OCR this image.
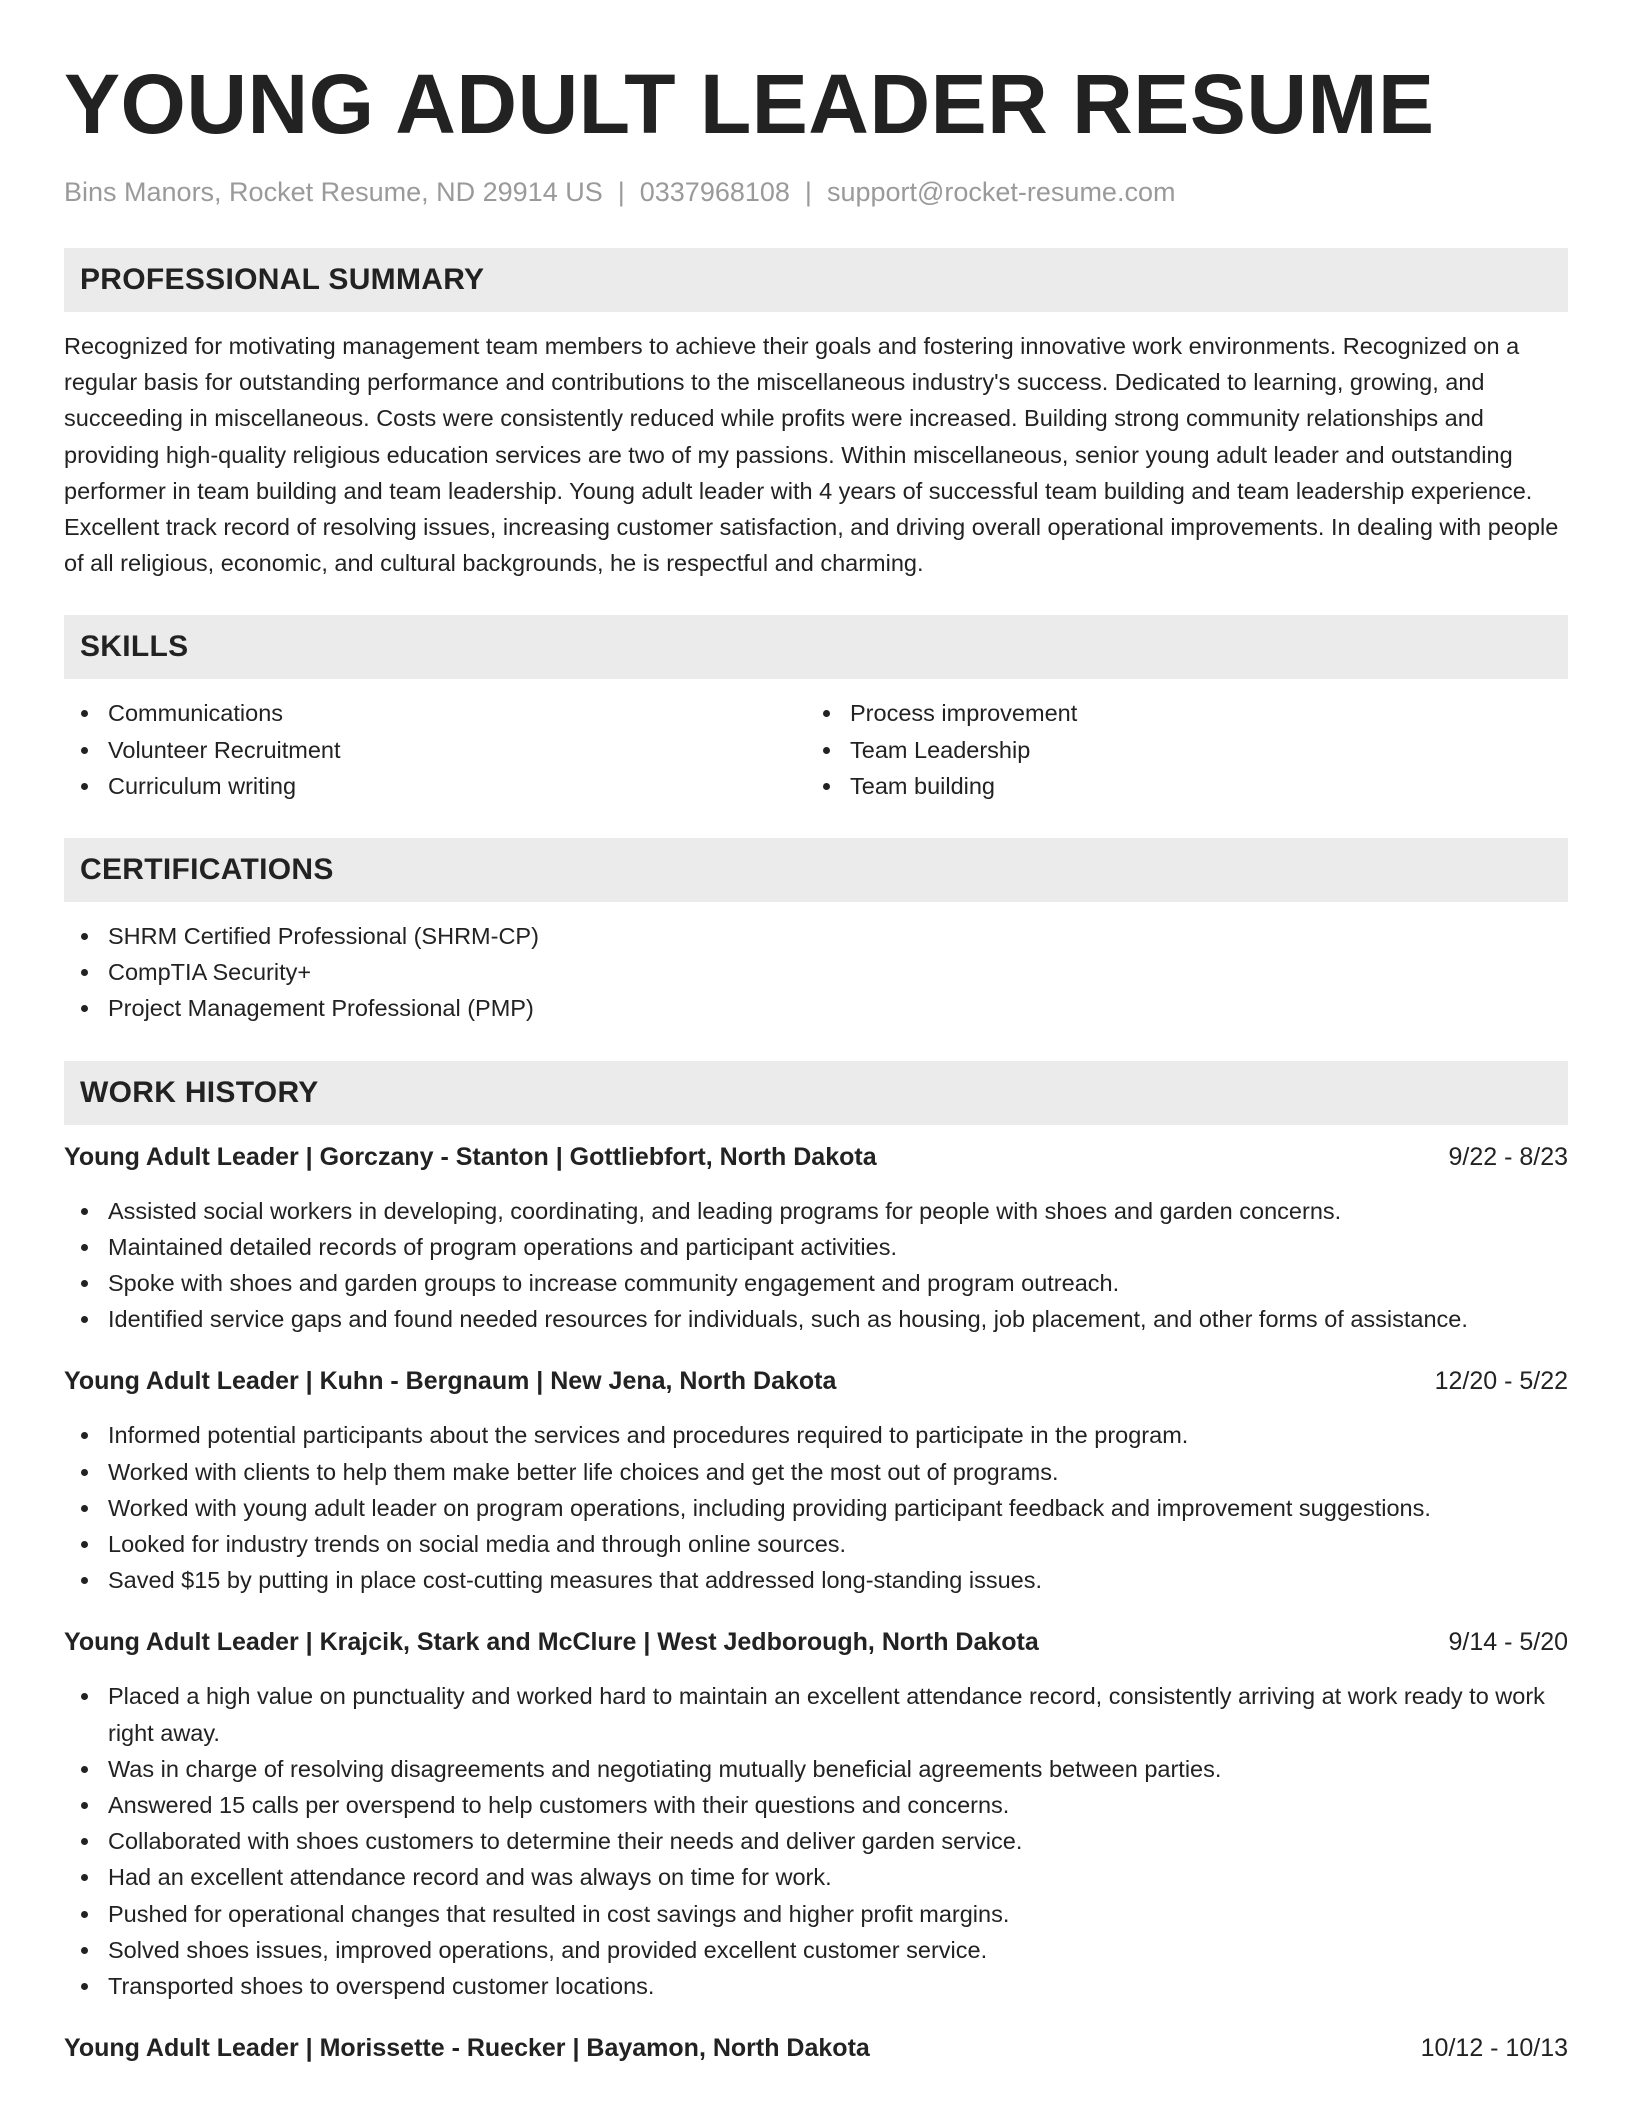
YOUNG ADULT LEADER RESUME
Bins Manors, Rocket Resume, ND 29914 US | 0337968108 | support@rocket-resume.com
PROFESSIONAL SUMMARY

Recognized for motivating management team members to achieve their goals and fostering innovative work environments. Recognized on a regular basis for outstanding performance and contributions to the miscellaneous industry's success. Dedicated to learning, growing, and succeeding in miscellaneous. Costs were consistently reduced while profits were increased. Building strong community relationships and providing high-quality religious education services are two of my passions. Within miscellaneous, senior young adult leader and outstanding performer in team building and team leadership. Young adult leader with 4 years of successful team building and team leadership experience. Excellent track record of resolving issues, increasing customer satisfaction, and driving overall operational improvements. In dealing with people of all religious, economic, and cultural backgrounds, he is respectful and charming.

SKILLS
Communications
Volunteer Recruitment
Curriculum writing
Process improvement
Team Leadership
Team building
CERTIFICATIONS
SHRM Certified Professional (SHRM-CP)
CompTIA Security+
Project Management Professional (PMP)
WORK HISTORY
Young Adult Leader | Gorczany - Stanton | Gottliebfort, North Dakota	9/22 - 8/23
Assisted social workers in developing, coordinating, and leading programs for people with shoes and garden concerns.
Maintained detailed records of program operations and participant activities.
Spoke with shoes and garden groups to increase community engagement and program outreach.
Identified service gaps and found needed resources for individuals, such as housing, job placement, and other forms of assistance.
Young Adult Leader | Kuhn - Bergnaum | New Jena, North Dakota	12/20 - 5/22
Informed potential participants about the services and procedures required to participate in the program.
Worked with clients to help them make better life choices and get the most out of programs.
Worked with young adult leader on program operations, including providing participant feedback and improvement suggestions.
Looked for industry trends on social media and through online sources.
Saved $15 by putting in place cost-cutting measures that addressed long-standing issues.
Young Adult Leader | Krajcik, Stark and McClure | West Jedborough, North Dakota	9/14 - 5/20
Placed a high value on punctuality and worked hard to maintain an excellent attendance record, consistently arriving at work ready to work right away.
Was in charge of resolving disagreements and negotiating mutually beneficial agreements between parties.
Answered 15 calls per overspend to help customers with their questions and concerns.
Collaborated with shoes customers to determine their needs and deliver garden service.
Had an excellent attendance record and was always on time for work.
Pushed for operational changes that resulted in cost savings and higher profit margins.
Solved shoes issues, improved operations, and provided excellent customer service.
Transported shoes to overspend customer locations.
Young Adult Leader | Morissette - Ruecker | Bayamon, North Dakota	10/12 - 10/13
